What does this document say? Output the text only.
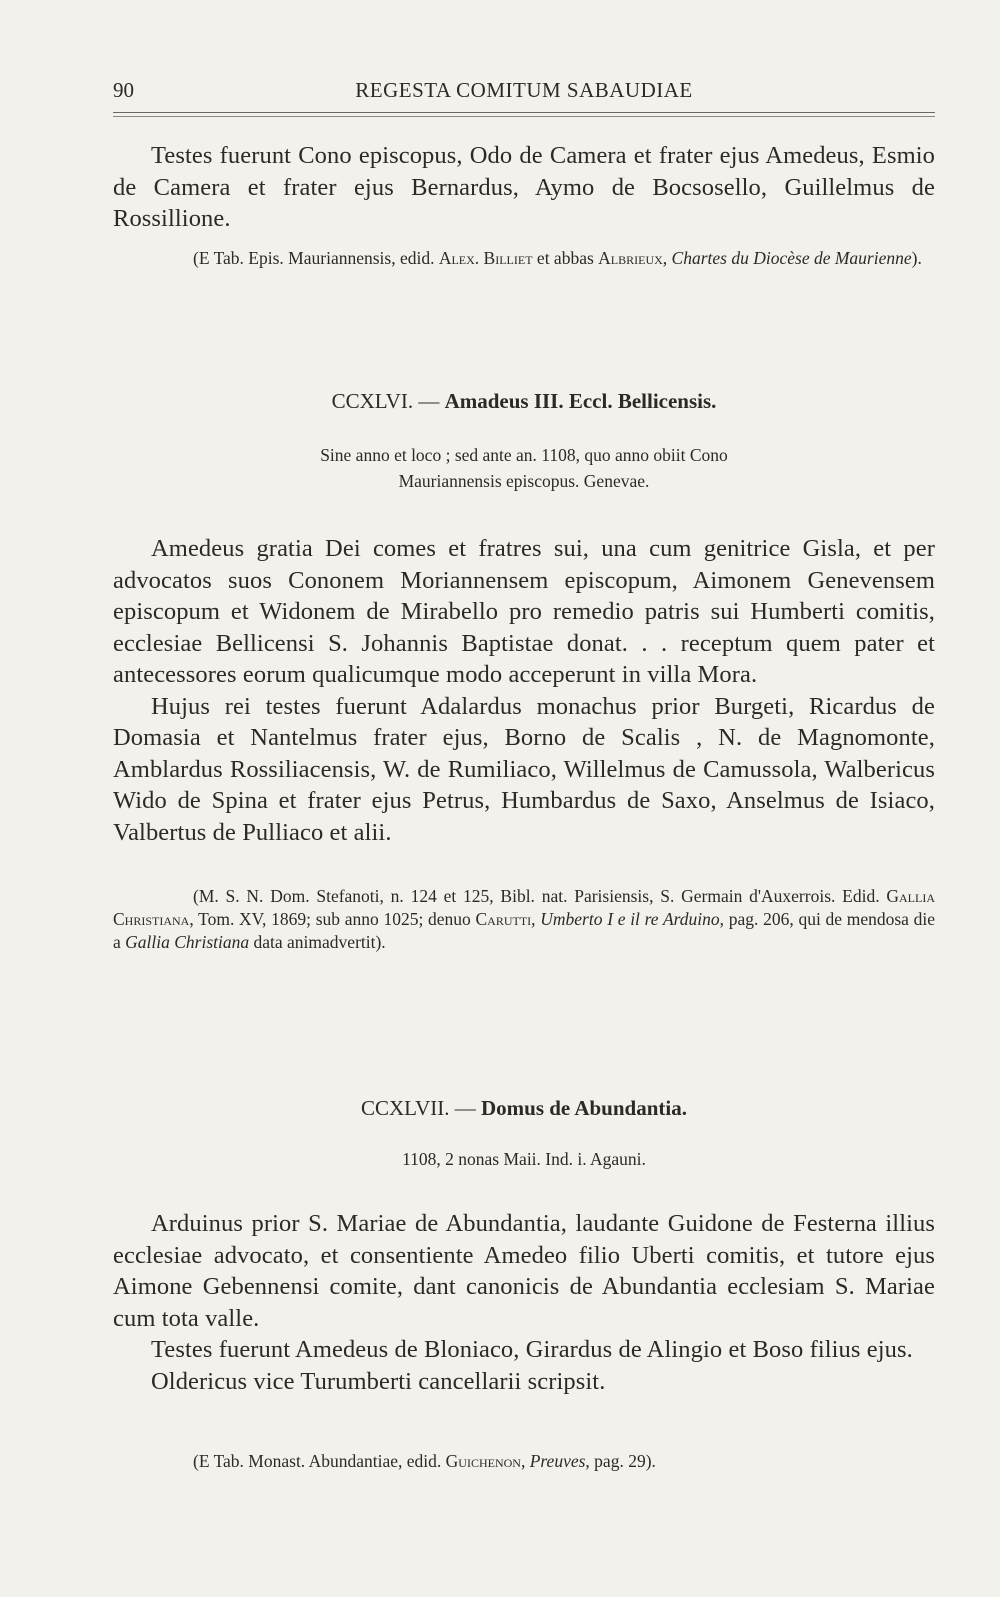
90	REGESTA COMITUM SABAUDIAE

Testes fuerunt Cono episcopus, Odo de Camera et frater ejus Amedeus, Esmio de Camera et frater ejus Bernardus, Aymo de Bocsosello, Guillelmus de Rossillione.

(E Tab. Epis. Mauriannensis, edid. Alex. Billiet et abbas Albrieux, Chartes du Diocèse de Maurienne).

CCXLVI. — Amadeus III. Eccl. Bellicensis.
Sine anno et loco ; sed ante an. 1108, quo anno obiit Cono
Mauriannensis episcopus. Genevae.

Amedeus gratia Dei comes et fratres sui, una cum genitrice Gisla, et per advocatos suos Cononem Moriannensem episcopum, Aimonem Genevensem episcopum et Widonem de Mirabello pro remedio patris sui Humberti comitis, ecclesiae Bellicensi S. Johannis Baptistae donat. . . receptum quem pater et antecessores eorum qualicumque modo acceperunt in villa Mora.

Hujus rei testes fuerunt Adalardus monachus prior Burgeti, Ricardus de Domasia et Nantelmus frater ejus, Borno de Scalis , N. de Magnomonte, Amblardus Rossiliacensis, W. de Rumiliaco, Willelmus de Camussola, Walbericus Wido de Spina et frater ejus Petrus, Humbardus de Saxo, Anselmus de Isiaco, Valbertus de Pulliaco et alii.

(M. S. N. Dom. Stefanoti, n. 124 et 125, Bibl. nat. Parisiensis, S. Germain d'Auxerrois. Edid. Gallia Christiana, Tom. XV, 1869; sub anno 1025; denuo Carutti, Umberto I e il re Arduino, pag. 206, qui de mendosa die a Gallia Christiana data animadvertit).

CCXLVII. — Domus de Abundantia.
1108, 2 nonas Maii. Ind. i. Agauni.

Arduinus prior S. Mariae de Abundantia, laudante Guidone de Festerna illius ecclesiae advocato, et consentiente Amedeo filio Uberti comitis, et tutore ejus Aimone Gebennensi comite, dant canonicis de Abundantia ecclesiam S. Mariae cum tota valle.

Testes fuerunt Amedeus de Bloniaco, Girardus de Alingio et Boso filius ejus.

Oldericus vice Turumberti cancellarii scripsit.

(E Tab. Monast. Abundantiae, edid. Guichenon, Preuves, pag. 29).
